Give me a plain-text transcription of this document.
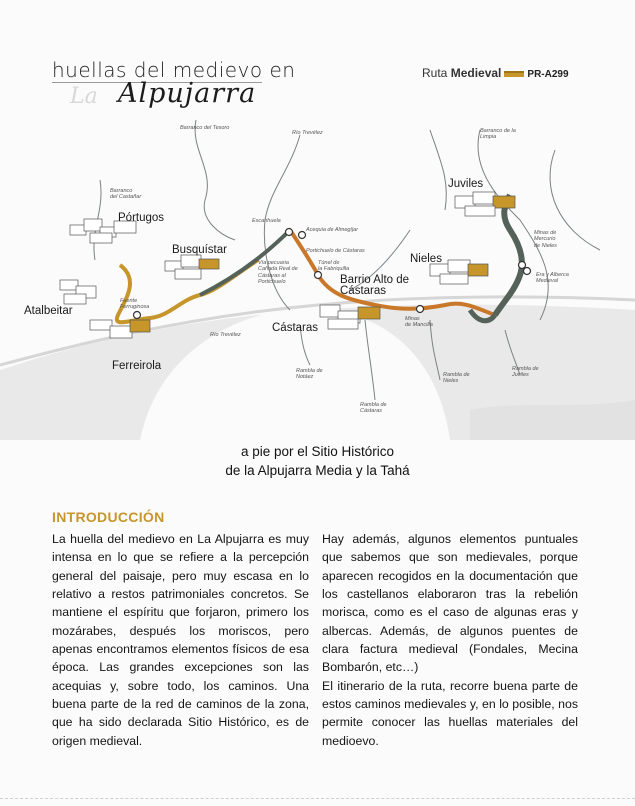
huellas del medievo en
La Alpujarra
Ruta Medieval	PR-A299
Pórtugos
Busquístar
Atalbeitar
Ferreirola
Barrio Alto de
Cástaras
Cástaras
Nieles
Juviles
Barranco del Tesoro
Río Trevélez
Barranco
del Castañar
Escarihuela
Acequia de Almegíjar
Portichuelo de Cástaras
Túnel de
la Fabriquilla
Vía pecuaria
Cañada Real de
Cástaras al
Portichuelo
Fuente
Ferruginosa
Río Trevélez
Minas de
Mercurio
de Nieles
Era y Alberca
Medieval
Minas
de Mancilla
Rambla de
Notáez
Rambla de
Cástaras
Rambla de
Nieles
Rambla de
Juviles
Barranco de la
Limpia
a pie por el Sitio Histórico
de la Alpujarra Media y la Tahá
INTRODUCCIÓN

La huella del medievo en La Alpujarra es muy intensa en lo que se refiere a la percepción general del paisaje, pero muy escasa en lo relativo a restos patrimoniales concretos. Se mantiene el espíritu que forjaron, primero los mozárabes, después los moriscos, pero apenas encontramos elementos físicos de esa época. Las grandes excepciones son las acequias y, sobre todo, los caminos. Una buena parte de la red de caminos de la zona, que ha sido declarada Sitio Histórico, es de origen medieval.

Hay además, algunos elementos puntuales que sabemos que son medievales, porque aparecen recogidos en la documentación que los castellanos elaboraron tras la rebelión morisca, como es el caso de algunas eras y albercas. Además, de algunos puentes de clara factura medieval (Fondales, Mecina Bombarón, etc…)

El itinerario de la ruta, recorre buena parte de estos caminos medievales y, en lo posible, nos permite conocer las huellas materiales del medioevo.
